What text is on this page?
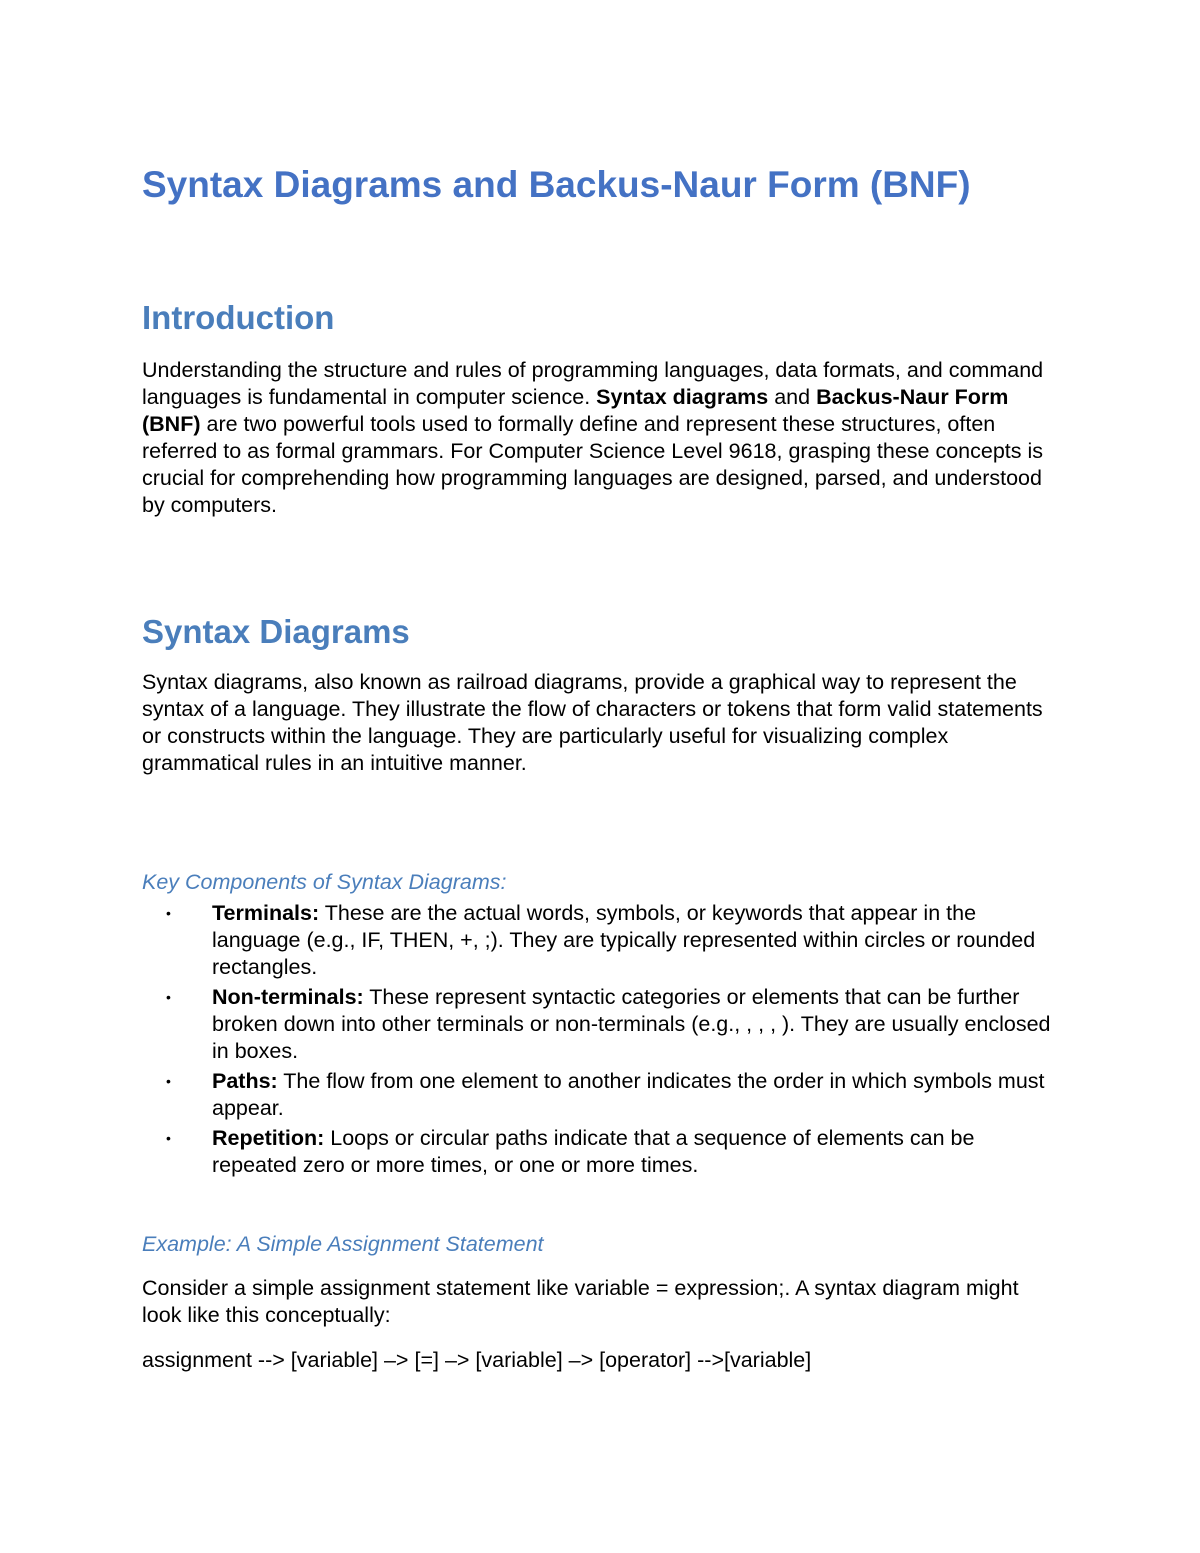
Syntax Diagrams and Backus-Naur Form (BNF)
Introduction

Understanding the structure and rules of programming languages, data formats, and command languages is fundamental in computer science. Syntax diagrams and Backus-Naur Form (BNF) are two powerful tools used to formally define and represent these structures, often referred to as formal grammars. For Computer Science Level 9618, grasping these concepts is crucial for comprehending how programming languages are designed, parsed, and understood by computers.

Syntax Diagrams

Syntax diagrams, also known as railroad diagrams, provide a graphical way to represent the syntax of a language. They illustrate the flow of characters or tokens that form valid statements or constructs within the language. They are particularly useful for visualizing complex grammatical rules in an intuitive manner.

Key Components of Syntax Diagrams:

• Terminals: These are the actual words, symbols, or keywords that appear in the language (e.g., IF, THEN, +, ;). They are typically represented within circles or rounded rectangles.
• Non-terminals: These represent syntactic categories or elements that can be further broken down into other terminals or non-terminals (e.g., , , , ). They are usually enclosed in boxes.
• Paths: The flow from one element to another indicates the order in which symbols must appear.
• Repetition: Loops or circular paths indicate that a sequence of elements can be repeated zero or more times, or one or more times.

Example: A Simple Assignment Statement

Consider a simple assignment statement like variable = expression;. A syntax diagram might look like this conceptually:

assignment --> [variable] –> [=] –> [variable] –> [operator] -->[variable]
